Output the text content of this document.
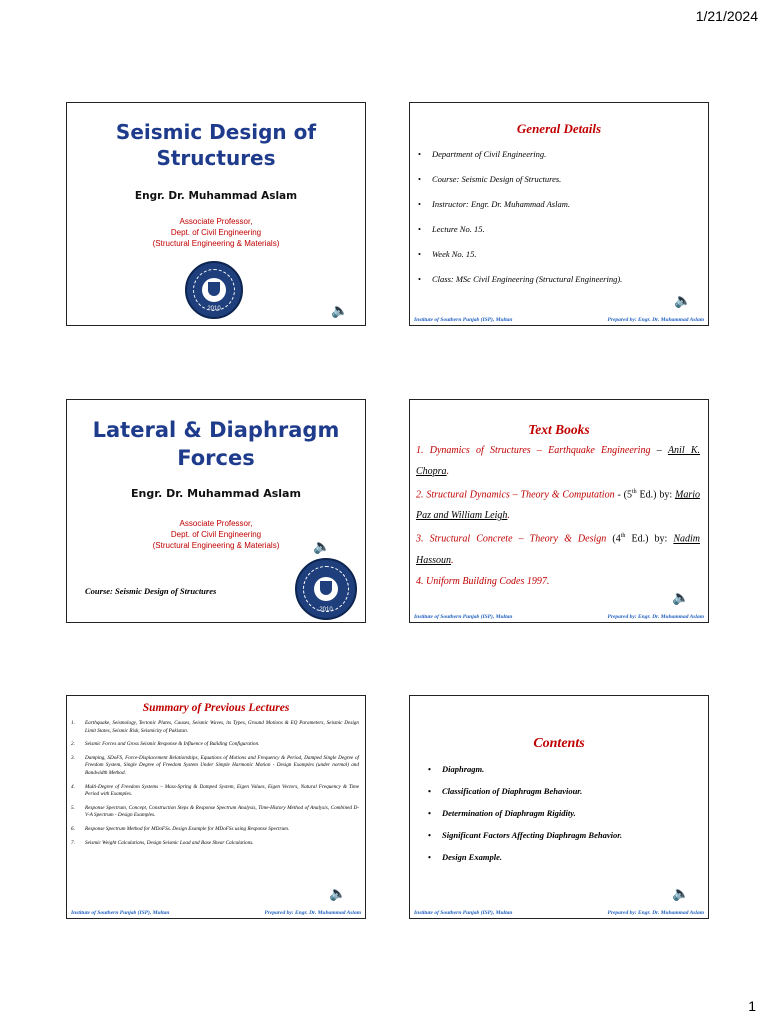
1/21/2024
Seismic Design of
Structures
Engr. Dr. Muhammad Aslam
Associate Professor,
Dept. of Civil Engineering
(Structural Engineering & Materials)
2010	🔈
General Details
• Department of Civil Engineering.
• Course: Seismic Design of Structures.
• Instructor: Engr. Dr. Muhammad Aslam.
• Lecture No. 15.
• Week No. 15.
• Class: MSc Civil Engineering (Structural Engineering).
🔈
Institute of Southern Punjab (ISP), Multan	Prepared by: Engr. Dr. Muhammad Aslam
Lateral & Diaphragm
Forces
Engr. Dr. Muhammad Aslam
Associate Professor,
Dept. of Civil Engineering
(Structural Engineering & Materials)	🔈
Course: Seismic Design of Structures
2010
Text Books

1. Dynamics of Structures – Earthquake Engineering – Anil K. Chopra.

2. Structural Dynamics – Theory & Computation - (5th Ed.) by: Mario Paz and William Leigh.

3. Structural Concrete – Theory & Design (4th Ed.) by: Nadim Hassoun.

4. Uniform Building Codes 1997.

🔈
Institute of Southern Punjab (ISP), Multan	Prepared by: Engr. Dr. Muhammad Aslam
Summary of Previous Lectures
1.	Earthquake, Seismology, Tectonic Plates, Causes, Seismic Waves, its Types, Ground Motions & EQ Parameters, Seismic Design Limit States, Seismic Risk, Seismicity of Pakistan.
2.	Seismic Forces and Gross Seismic Response & Influence of Building Configuration.
3.	Damping, SDoFS, Force-Displacement Relationships, Equations of Motions and Frequency & Period, Damped Single Degree of Freedom System, Single Degree of Freedom System Under Simple Harmonic Motion - Design Examples (under normal) and Bandwidth Method.
4.	Multi-Degree of Freedom Systems – Mass-Spring & Damped System, Eigen Values, Eigen Vectors, Natural Frequency & Time Period with Examples.
5.	Response Spectrum, Concept, Construction Steps & Response Spectrum Analysis, Time-History Method of Analysis, Combined D-V-A Spectrum - Design Examples.
6.	Response Spectrum Method for MDoFSs. Design Example for MDoFSs using Response Spectrum.
7.	Seismic Weight Calculations, Design Seismic Load and Base Shear Calculations.
🔈
Institute of Southern Punjab (ISP), Multan	Prepared by: Engr. Dr. Muhammad Aslam
Contents
• Diaphragm.
• Classification of Diaphragm Behaviour.
• Determination of Diaphragm Rigidity.
• Significant Factors Affecting Diaphragm Behavior.
• Design Example.
🔈
Institute of Southern Punjab (ISP), Multan	Prepared by: Engr. Dr. Muhammad Aslam
1
